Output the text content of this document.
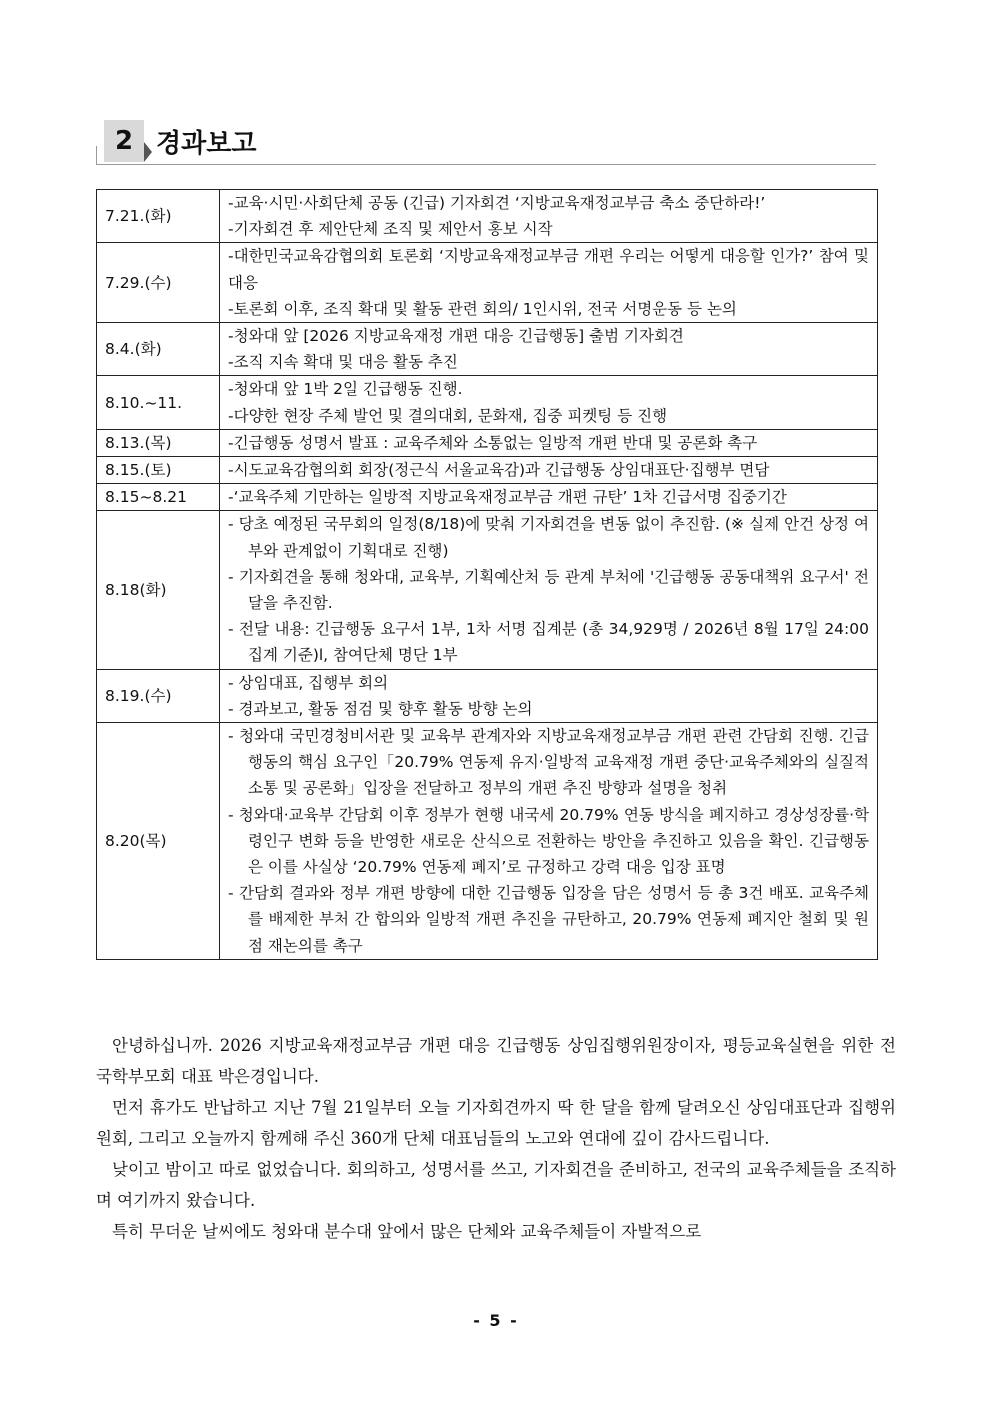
2 경과보고
7.21.(화)	-교육·시민·사회단체 공동 (긴급) 기자회견 ‘지방교육재정교부금 축소 중단하라!’
-기자회견 후 제안단체 조직 및 제안서 홍보 시작

7.29.(수)	-대한민국교육감협의회 토론회 ‘지방교육재정교부금 개편 우리는 어떻게 대응할 인가?’ 참여 및 대응
-토론회 이후, 조직 확대 및 활동 관련 회의/ 1인시위, 전국 서명운동 등 논의

8.4.(화)	-청와대 앞 [2026 지방교육재정 개편 대응 긴급행동] 출범 기자회견
-조직 지속 확대 및 대응 활동 추진

8.10.~11.	-청와대 앞 1박 2일 긴급행동 진행.
-다양한 현장 주체 발언 및 결의대회, 문화재, 집중 피켓팅 등 진행

8.13.(목)	-긴급행동 성명서 발표 : 교육주체와 소통없는 일방적 개편 반대 및 공론화 촉구

8.15.(토)	-시도교육감협의회 회장(정근식 서울교육감)과 긴급행동 상임대표단·집행부 면담

8.15~8.21	-‘교육주체 기만하는 일방적 지방교육재정교부금 개편 규탄’ 1차 긴급서명 집중기간

8.18(화)	- 당초 예정된 국무회의 일정(8/18)에 맞춰 기자회견을 변동 없이 추진함. (※ 실제 안건 상정 여부와 관계없이 기획대로 진행)
- 기자회견을 통해 청와대, 교육부, 기획예산처 등 관계 부처에 '긴급행동 공동대책위 요구서' 전달을 추진함.
- 전달 내용: 긴급행동 요구서 1부, 1차 서명 집계분 (총 34,929명 / 2026년 8월 17일 24:00 집계 기준)l, 참여단체 명단 1부

8.19.(수)	- 상임대표, 집행부 회의
- 경과보고, 활동 점검 및 향후 활동 방향 논의

8.20(목)	- 청와대 국민경청비서관 및 교육부 관계자와 지방교육재정교부금 개편 관련 간담회 진행. 긴급행동의 핵심 요구인「20.79% 연동제 유지·일방적 교육재정 개편 중단·교육주체와의 실질적 소통 및 공론화」입장을 전달하고 정부의 개편 추진 방향과 설명을 청취
- 청와대·교육부 간담회 이후 정부가 현행 내국세 20.79% 연동 방식을 폐지하고 경상성장률·학령인구 변화 등을 반영한 새로운 산식으로 전환하는 방안을 추진하고 있음을 확인. 긴급행동은 이를 사실상 ‘20.79% 연동제 폐지’로 규정하고 강력 대응 입장 표명
- 간담회 결과와 정부 개편 방향에 대한 긴급행동 입장을 담은 성명서 등 총 3건 배포. 교육주체를 배제한 부처 간 합의와 일방적 개편 추진을 규탄하고, 20.79% 연동제 폐지안 철회 및 원점 재논의를 촉구

안녕하십니까. 2026 지방교육재정교부금 개편 대응 긴급행동 상임집행위원장이자, 평등교육실현을 위한 전국학부모회 대표 박은경입니다.

먼저 휴가도 반납하고 지난 7월 21일부터 오늘 기자회견까지 딱 한 달을 함께 달려오신 상임대표단과 집행위원회, 그리고 오늘까지 함께해 주신 360개 단체 대표님들의 노고와 연대에 깊이 감사드립니다.

낮이고 밤이고 따로 없었습니다. 회의하고, 성명서를 쓰고, 기자회견을 준비하고, 전국의 교육주체들을 조직하며 여기까지 왔습니다.

특히 무더운 날씨에도 청와대 분수대 앞에서 많은 단체와 교육주체들이 자발적으로

- 5 -
